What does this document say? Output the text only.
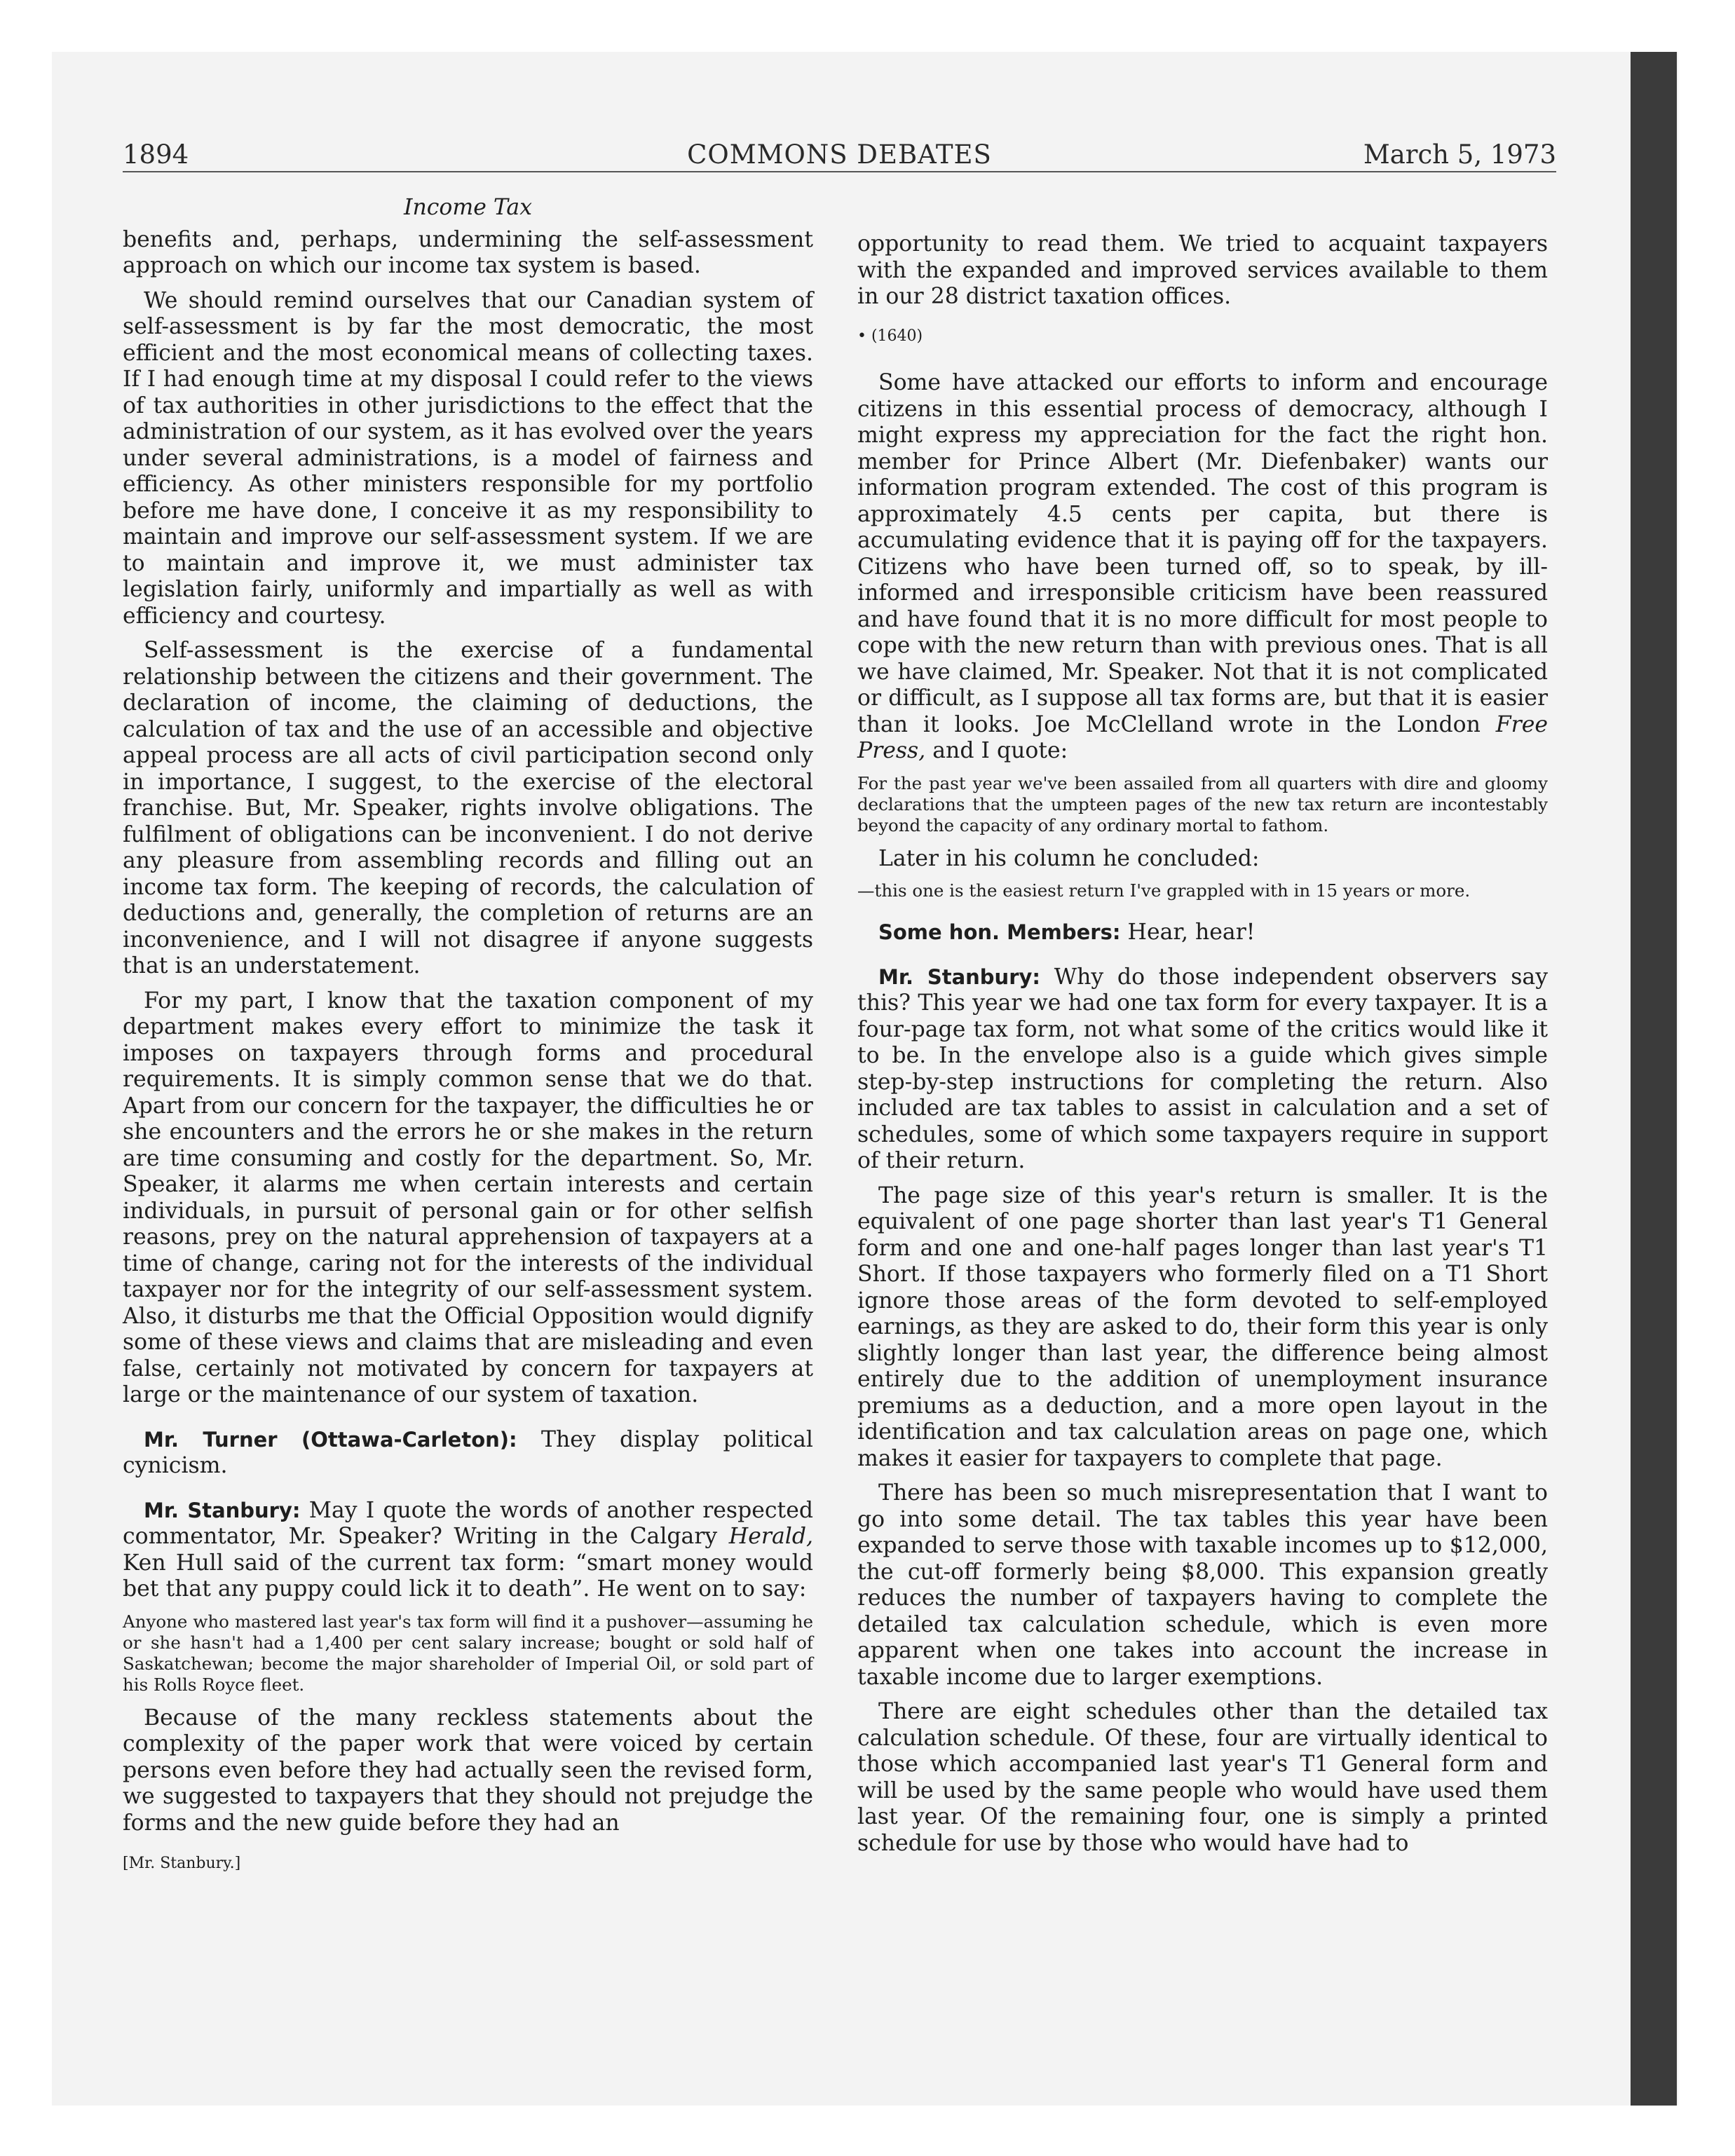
1894	COMMONS DEBATES	March 5, 1973

Income Tax

benefits and, perhaps, undermining the self-assessment approach on which our income tax system is based.

We should remind ourselves that our Canadian system of self-assessment is by far the most democratic, the most efficient and the most economical means of collecting taxes. If I had enough time at my disposal I could refer to the views of tax authorities in other jurisdictions to the effect that the administration of our system, as it has evolved over the years under several administrations, is a model of fairness and efficiency. As other ministers responsible for my portfolio before me have done, I conceive it as my responsibility to maintain and improve our self-assessment system. If we are to maintain and improve it, we must administer tax legislation fairly, uniformly and impartially as well as with efficiency and courtesy.

Self-assessment is the exercise of a fundamental relationship between the citizens and their government. The declaration of income, the claiming of deductions, the calculation of tax and the use of an accessible and objective appeal process are all acts of civil participation second only in importance, I suggest, to the exercise of the electoral franchise. But, Mr. Speaker, rights involve obligations. The fulfilment of obligations can be inconvenient. I do not derive any pleasure from assembling records and filling out an income tax form. The keeping of records, the calculation of deductions and, generally, the completion of returns are an inconvenience, and I will not disagree if anyone suggests that is an understatement.

For my part, I know that the taxation component of my department makes every effort to minimize the task it imposes on taxpayers through forms and procedural requirements. It is simply common sense that we do that. Apart from our concern for the taxpayer, the difficulties he or she encounters and the errors he or she makes in the return are time consuming and costly for the department. So, Mr. Speaker, it alarms me when certain interests and certain individuals, in pursuit of personal gain or for other selfish reasons, prey on the natural apprehension of taxpayers at a time of change, caring not for the interests of the individual taxpayer nor for the integrity of our self-assessment system. Also, it disturbs me that the Official Opposition would dignify some of these views and claims that are misleading and even false, certainly not motivated by concern for taxpayers at large or the maintenance of our system of taxation.

Mr. Turner (Ottawa-Carleton): They display political cynicism.

Mr. Stanbury: May I quote the words of another respected commentator, Mr. Speaker? Writing in the Calgary Herald, Ken Hull said of the current tax form: “smart money would bet that any puppy could lick it to death”. He went on to say:

Anyone who mastered last year's tax form will find it a pushover—assuming he or she hasn't had a 1,400 per cent salary increase; bought or sold half of Saskatchewan; become the major shareholder of Imperial Oil, or sold part of his Rolls Royce fleet.

Because of the many reckless statements about the complexity of the paper work that were voiced by certain persons even before they had actually seen the revised form, we suggested to taxpayers that they should not prejudge the forms and the new guide before they had an

[Mr. Stanbury.]

opportunity to read them. We tried to acquaint taxpayers with the expanded and improved services available to them in our 28 district taxation offices.

• (1640)

Some have attacked our efforts to inform and encourage citizens in this essential process of democracy, although I might express my appreciation for the fact the right hon. member for Prince Albert (Mr. Diefenbaker) wants our information program extended. The cost of this program is approximately 4.5 cents per capita, but there is accumulating evidence that it is paying off for the taxpayers. Citizens who have been turned off, so to speak, by ill-informed and irresponsible criticism have been reassured and have found that it is no more difficult for most people to cope with the new return than with previous ones. That is all we have claimed, Mr. Speaker. Not that it is not complicated or difficult, as I suppose all tax forms are, but that it is easier than it looks. Joe McClelland wrote in the London Free Press, and I quote:

For the past year we've been assailed from all quarters with dire and gloomy declarations that the umpteen pages of the new tax return are incontestably beyond the capacity of any ordinary mortal to fathom.

Later in his column he concluded:

—this one is the easiest return I've grappled with in 15 years or more.

Some hon. Members: Hear, hear!

Mr. Stanbury: Why do those independent observers say this? This year we had one tax form for every taxpayer. It is a four-page tax form, not what some of the critics would like it to be. In the envelope also is a guide which gives simple step-by-step instructions for completing the return. Also included are tax tables to assist in calculation and a set of schedules, some of which some taxpayers require in support of their return.

The page size of this year's return is smaller. It is the equivalent of one page shorter than last year's T1 General form and one and one-half pages longer than last year's T1 Short. If those taxpayers who formerly filed on a T1 Short ignore those areas of the form devoted to self-employed earnings, as they are asked to do, their form this year is only slightly longer than last year, the difference being almost entirely due to the addition of unemployment insurance premiums as a deduction, and a more open layout in the identification and tax calculation areas on page one, which makes it easier for taxpayers to complete that page.

There has been so much misrepresentation that I want to go into some detail. The tax tables this year have been expanded to serve those with taxable incomes up to $12,000, the cut-off formerly being $8,000. This expansion greatly reduces the number of taxpayers having to complete the detailed tax calculation schedule, which is even more apparent when one takes into account the increase in taxable income due to larger exemptions.

There are eight schedules other than the detailed tax calculation schedule. Of these, four are virtually identical to those which accompanied last year's T1 General form and will be used by the same people who would have used them last year. Of the remaining four, one is simply a printed schedule for use by those who would have had to
